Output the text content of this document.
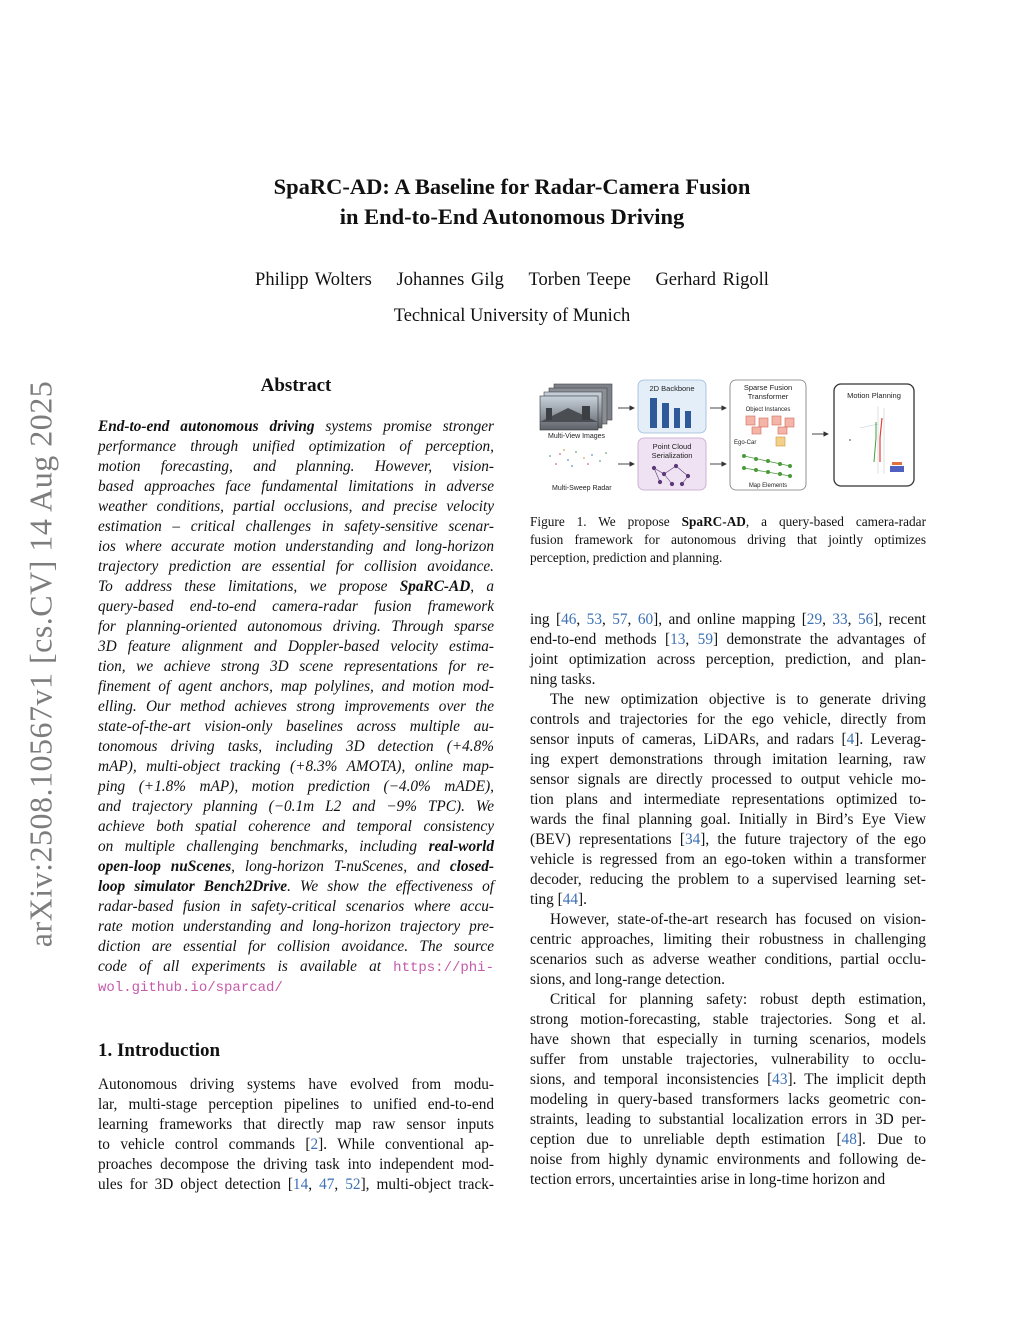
arXiv:2508.10567v1 [cs.CV] 14 Aug 2025
SpaRC-AD: A Baseline for Radar-Camera Fusion
in End-to-End Autonomous Driving
Philipp Wolters Johannes Gilg Torben Teepe Gerhard Rigoll
Technical University of Munich
Abstract
End-to-end autonomous driving systems promise stronger
performance through unified optimization of perception,
motion forecasting, and planning. However, vision-
based approaches face fundamental limitations in adverse
weather conditions, partial occlusions, and precise velocity
estimation – critical challenges in safety-sensitive scenar-
ios where accurate motion understanding and long-horizon
trajectory prediction are essential for collision avoidance.
To address these limitations, we propose SpaRC-AD, a
query-based end-to-end camera-radar fusion framework
for planning-oriented autonomous driving. Through sparse
3D feature alignment and Doppler-based velocity estima-
tion, we achieve strong 3D scene representations for re-
finement of agent anchors, map polylines, and motion mod-
elling. Our method achieves strong improvements over the
state-of-the-art vision-only baselines across multiple au-
tonomous driving tasks, including 3D detection (+4.8%
mAP), multi-object tracking (+8.3% AMOTA), online map-
ping (+1.8% mAP), motion prediction (−4.0% mADE),
and trajectory planning (−0.1m L2 and −9% TPC). We
achieve both spatial coherence and temporal consistency
on multiple challenging benchmarks, including real-world
open-loop nuScenes, long-horizon T-nuScenes, and closed-
loop simulator Bench2Drive. We show the effectiveness of
radar-based fusion in safety-critical scenarios where accu-
rate motion understanding and long-horizon trajectory pre-
diction are essential for collision avoidance. The source
code of all experiments is available at https://phi-
wol.github.io/sparcad/
1. Introduction
Autonomous driving systems have evolved from modu-
lar, multi-stage perception pipelines to unified end-to-end
learning frameworks that directly map raw sensor inputs
to vehicle control commands [2]. While conventional ap-
proaches decompose the driving task into independent mod-
ules for 3D object detection [14, 47, 52], multi-object track-
Multi-View Images
Multi-Sweep Radar
2D Backbone
Point Cloud
Serialization
Sparse Fusion
Transformer
Object Instances
Ego-Car
Map Elements
Motion Planning
Figure 1. We propose SpaRC-AD, a query-based camera-radar
fusion framework for autonomous driving that jointly optimizes
perception, prediction and planning.
ing [46, 53, 57, 60], and online mapping [29, 33, 56], recent
end-to-end methods [13, 59] demonstrate the advantages of
joint optimization across perception, prediction, and plan-
ning tasks.
The new optimization objective is to generate driving
controls and trajectories for the ego vehicle, directly from
sensor inputs of cameras, LiDARs, and radars [4]. Leverag-
ing expert demonstrations through imitation learning, raw
sensor signals are directly processed to output vehicle mo-
tion plans and intermediate representations optimized to-
wards the final planning goal. Initially in Bird’s Eye View
(BEV) representations [34], the future trajectory of the ego
vehicle is regressed from an ego-token within a transformer
decoder, reducing the problem to a supervised learning set-
ting [44].
However, state-of-the-art research has focused on vision-
centric approaches, limiting their robustness in challenging
scenarios such as adverse weather conditions, partial occlu-
sions, and long-range detection.
Critical for planning safety: robust depth estimation,
strong motion-forecasting, stable trajectories. Song et al.
have shown that especially in turning scenarios, models
suffer from unstable trajectories, vulnerability to occlu-
sions, and temporal inconsistencies [43]. The implicit depth
modeling in query-based transformers lacks geometric con-
straints, leading to substantial localization errors in 3D per-
ception due to unreliable depth estimation [48]. Due to
noise from highly dynamic environments and following de-
tection errors, uncertainties arise in long-time horizon and
